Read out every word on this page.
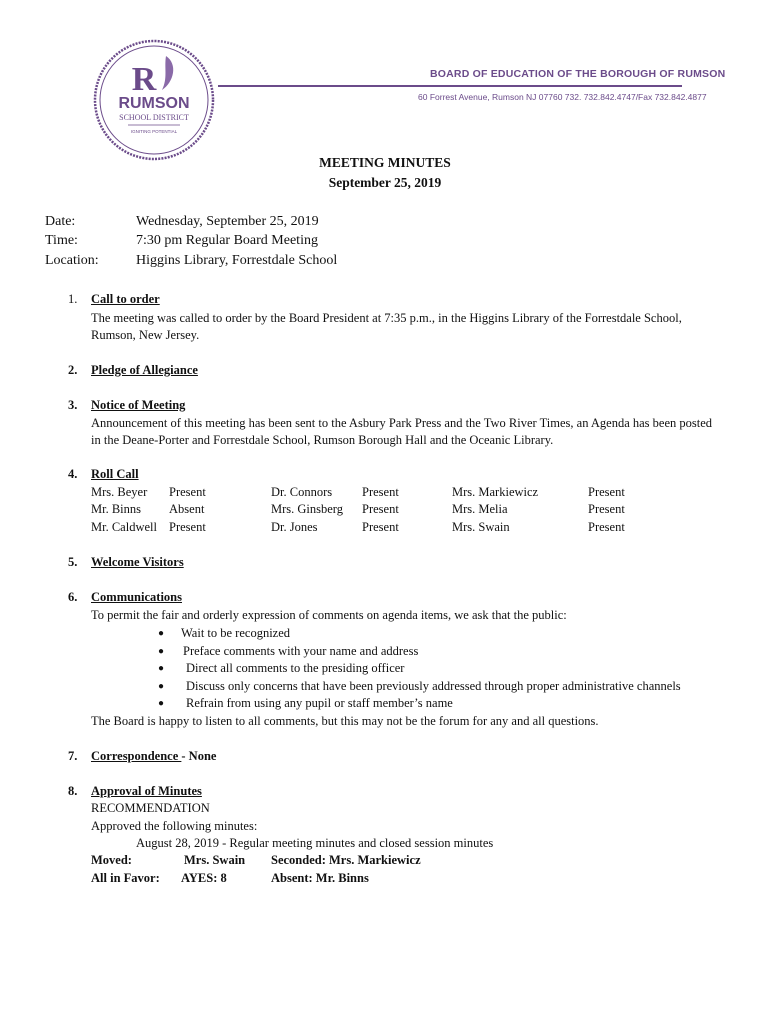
R
RUMSON
SCHOOL DISTRICT
IGNITING POTENTIAL
BOARD OF EDUCATION OF THE BOROUGH OF RUMSON
60 Forrest Avenue, Rumson NJ 07760 732. 732.842.4747/Fax 732.842.4877
MEETING MINUTES
September 25, 2019
Date:	Wednesday, September 25, 2019
Time:	7:30 pm Regular Board Meeting
Location:	Higgins Library, Forrestdale School
1. Call to order
The meeting was called to order by the Board President at 7:35 p.m., in the Higgins Library of the Forrestdale School,
Rumson, New Jersey.
2. Pledge of Allegiance
3. Notice of Meeting
Announcement of this meeting has been sent to the Asbury Park Press and the Two River Times, an Agenda has been posted
in the Deane-Porter and Forrestdale School, Rumson Borough Hall and the Oceanic Library.
4. Roll Call
Mrs. Beyer Present	Dr. Connors Present	Mrs. Markiewicz	Present
Mr. Binns Absent	Mrs. Ginsberg Present	Mrs. Melia	Present
Mr. Caldwell Present	Dr. Jones	Present	Mrs. Swain	Present
5. Welcome Visitors
6. Communications
To permit the fair and orderly expression of comments on agenda items, we ask that the public:
● Wait to be recognized
● Preface comments with your name and address
● Direct all comments to the presiding officer
● Discuss only concerns that have been previously addressed through proper administrative channels
● Refrain from using any pupil or staff member’s name
The Board is happy to listen to all comments, but this may not be the forum for any and all questions.
7. Correspondence - None
8. Approval of Minutes
RECOMMENDATION
Approved the following minutes:
August 28, 2019 - Regular meeting minutes and closed session minutes
Moved:	Mrs. Swain Seconded: Mrs. Markiewicz
All in Favor: AYES: 8	Absent: Mr. Binns
